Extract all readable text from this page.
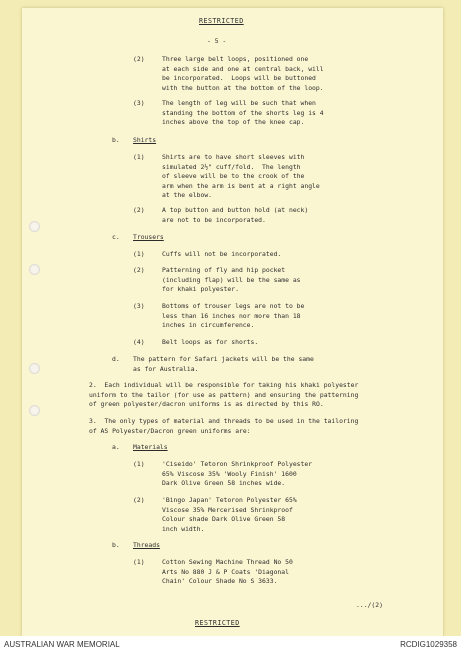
RESTRICTED

- 5 -

(2)	Three large belt loops, positioned one

at each side and one at central back, will

be incorporated.  Loops will be buttoned

with the button at the bottom of the loop.

(3)	The length of leg will be such that when

standing the bottom of the shorts leg is 4

inches above the top of the knee cap.

b. Shirts

(1)	Shirts are to have short sleeves with

simulated 2½" cuff/fold.  The length

of sleeve will be to the crook of the

arm when the arm is bent at a right angle

at the elbow.

(2)	A top button and button hold (at neck)

are not to be incorporated.

c. Trousers

(1)	Cuffs will not be incorporated.

(2)	Patterning of fly and hip pocket

(including flap) will be the same as

for khaki polyester.

(3)	Bottoms of trouser legs are not to be

less than 16 inches nor more than 18

inches in circumference.

(4)	Belt loops as for shorts.

d. The pattern for Safari jackets will be the same

as for Australia.

2.  Each individual will be responsible for taking his khaki polyester

uniform to the tailor (for use as pattern) and ensuring the patterning

of green polyester/dacron uniforms is as directed by this RO.

3.  The only types of material and threads to be used in the tailoring

of AS Polyester/Dacron green uniforms are:

a. Materials

(1)	'Ciseido' Tetoron Shrinkproof Polyester

65% Viscose 35% 'Wooly Finish' 1600

Dark Olive Green 58 inches wide.

(2)	'Bingo Japan' Tetoron Polyester 65%

Viscose 35% Mercerised Shrinkproof

Colour shade Dark Olive Green 58

inch width.

b. Threads

(1)	Cotton Sewing Machine Thread No 50

Arts No 880 J & P Coats 'Diagonal

Chain' Colour Shade No S 3633.

.../(2)

RESTRICTED

AUSTRALIAN WAR MEMORIAL	RCDIG1029358
